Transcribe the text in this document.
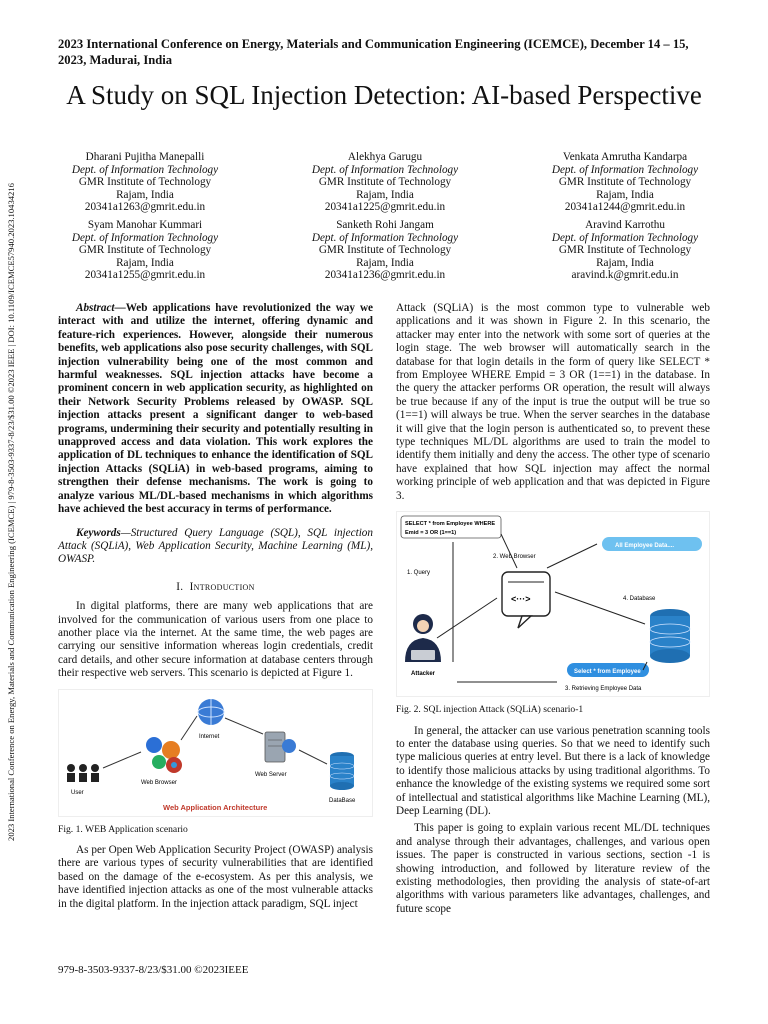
2023 International Conference on Energy, Materials and Communication Engineering (ICEMCE), December 14 – 15, 2023, Madurai, India
A Study on SQL Injection Detection: AI-based Perspective
2023 International Conference on Energy, Materials and Communication Engineering (ICEMCE) | 979-8-3503-9337-8/23/$31.00 ©2023 IEEE | DOI: 10.1109/ICEMCE57940.2023.10434216
Dharani Pujitha Manepalli
Dept. of Information Technology
GMR Institute of Technology
Rajam, India
20341a1263@gmrit.edu.in
Alekhya Garugu
Dept. of Information Technology
GMR Institute of Technology
Rajam, India
20341a1225@gmrit.edu.in
Venkata Amrutha Kandarpa
Dept. of Information Technology
GMR Institute of Technology
Rajam, India
20341a1244@gmrit.edu.in
Syam Manohar Kummari
Dept. of Information Technology
GMR Institute of Technology
Rajam, India
20341a1255@gmrit.edu.in
Sanketh Rohi Jangam
Dept. of Information Technology
GMR Institute of Technology
Rajam, India
20341a1236@gmrit.edu.in
Aravind Karrothu
Dept. of Information Technology
GMR Institute of Technology
Rajam, India
aravind.k@gmrit.edu.in

Abstract—Web applications have revolutionized the way we interact with and utilize the internet, offering dynamic and feature-rich experiences. However, alongside their numerous benefits, web applications also pose security challenges, with SQL injection vulnerability being one of the most common and harmful weaknesses. SQL injection attacks have become a prominent concern in web application security, as highlighted on their Network Security Problems released by OWASP. SQL injection attacks present a significant danger to web-based programs, undermining their security and potentially resulting in unapproved access and data violation. This work explores the application of DL techniques to enhance the identification of SQL injection Attacks (SQLiA) in web-based programs, aiming to strengthen their defense mechanisms. The work is going to analyze various ML/DL-based mechanisms in which algorithms have achieved the best accuracy in terms of performance.

Keywords—Structured Query Language (SQL), SQL injection Attack (SQLiA), Web Application Security, Machine Learning (ML), OWASP.

I. Introduction

In digital platforms, there are many web applications that are involved for the communication of various users from one place to another place via the internet. At the same time, the web pages are carrying our sensitive information whereas login credentials, credit card details, and other secure information at database centers through their respective web servers. This scenario is depicted at Figure 1.

User
Web Browser
Internet
Web Server
DataBase
Web Application Architecture
Fig. 1. WEB Application scenario

As per Open Web Application Security Project (OWASP) analysis there are various types of security vulnerabilities that are identified based on the damage of the e-ecosystem. As per this analysis, we have identified injection attacks as one of the most vulnerable attacks in the digital platform. In the injection attack paradigm, SQL inject

Attack (SQLiA) is the most common type to vulnerable web applications and it was shown in Figure 2. In this scenario, the attacker may enter into the network with some sort of queries at the login stage. The web browser will automatically search in the database for that login details in the form of query like SELECT * from Employee WHERE Empid = 3 OR (1==1) in the database. In the query the attacker performs OR operation, the result will always be true because if any of the input is true the output will be true so (1==1) will always be true. When the server searches in the database it will give that the login person is authenticated so, to prevent these type techniques ML/DL algorithms are used to train the model to identify them initially and deny the access. The other type of scenario have explained that how SQL injection may affect the normal working principle of web application and that was depicted in Figure 3.

SELECT * from Employee WHERE
Emid = 3 OR (1==1)
All Employee Data....
2. Web Browser
1. Query
4. Database
<···>
Attacker	Select * from Employee
3. Retrieving Employee Data
Fig. 2. SQL injection Attack (SQLiA) scenario-1

In general, the attacker can use various penetration scanning tools to enter the database using queries. So that we need to identify such type malicious queries at entry level. But there is a lack of knowledge to identify those malicious attacks by using traditional algorithms. To enhance the knowledge of the existing systems we required some sort of intellectual and statistical algorithms like Machine Learning (ML), Deep Learning (DL).

This paper is going to explain various recent ML/DL techniques and analyse through their advantages, challenges, and various open issues. The paper is constructed in various sections, section -1 is showing introduction, and followed by literature review of the existing methodologies, then providing the analysis of state-of-art algorithms with various parameters like advantages, challenges, and future scope

979-8-3503-9337-8/23/$31.00 ©2023IEEE
